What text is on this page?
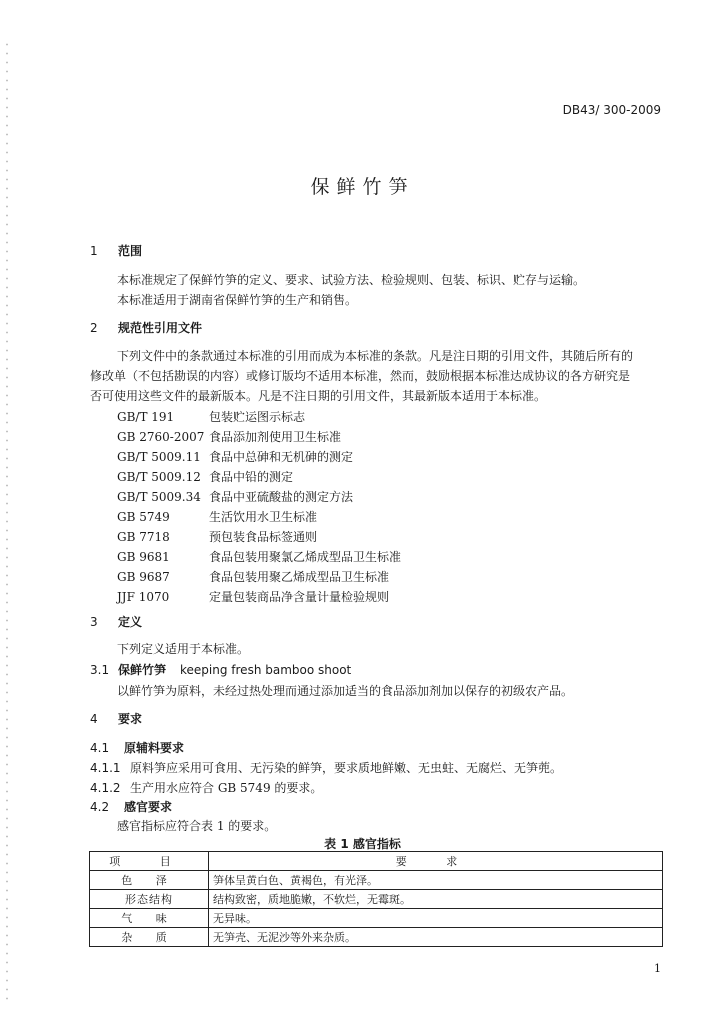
DB43/ 300-2009
保鲜竹笋
1 范围
本标准规定了保鲜竹笋的定义、要求、试验方法、检验规则、包装、标识、贮存与运输。
本标准适用于湖南省保鲜竹笋的生产和销售。
2 规范性引用文件
下列文件中的条款通过本标准的引用而成为本标准的条款。凡是注日期的引用文件，其随后所有的
修改单（不包括勘误的内容）或修订版均不适用本标准，然而，鼓励根据本标准达成协议的各方研究是
否可使用这些文件的最新版本。凡是不注日期的引用文件，其最新版本适用于本标准。
GB/T 191	包装贮运图示标志
GB 2760-2007 食品添加剂使用卫生标准
GB/T 5009.11 食品中总砷和无机砷的测定
GB/T 5009.12 食品中铅的测定
GB/T 5009.34 食品中亚硫酸盐的测定方法
GB 5749	生活饮用水卫生标准
GB 7718	预包装食品标签通则
GB 9681	食品包装用聚氯乙烯成型品卫生标准
GB 9687	食品包装用聚乙烯成型品卫生标准
JJF 1070	定量包装商品净含量计量检验规则
3 定义
下列定义适用于本标准。
3.1 保鲜竹笋 keeping fresh bamboo shoot
以鲜竹笋为原料，未经过热处理而通过添加适当的食品添加剂加以保存的初级农产品。
4 要求
4.1 原辅料要求
4.1.1 原料笋应采用可食用、无污染的鲜笋，要求质地鲜嫩、无虫蛀、无腐烂、无笋蔸。
4.1.2 生产用水应符合 GB 5749 的要求。
4.2 感官要求
感官指标应符合表 1 的要求。
表 1 感官指标
项 目	要 求
色 泽	笋体呈黄白色、黄褐色，有光泽。
形态结构	结构致密，质地脆嫩，不软烂，无霉斑。
气 味	无异味。
杂 质	无笋壳、无泥沙等外来杂质。
1
